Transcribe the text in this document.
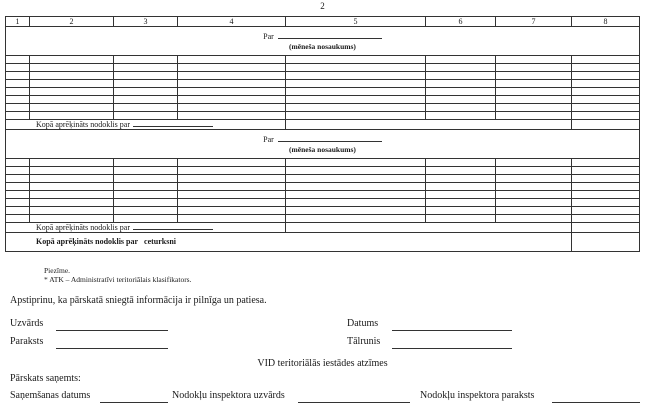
2
1	2	3	4	5	6	7	8

Par
(mēneša nosaukums)							

Kopā aprēķināts nodoklis par							

Par
(mēneša nosaukums)							

Kopā aprēķināts nodoklis par							
Kopā aprēķināts nodoklis par ceturksni							
Piezīme.
* ATK – Administratīvi teritoriālais klasifikators.
Apstiprinu, ka pārskatā sniegtā informācija ir pilnīga un patiesa.
Uzvārds	Datums
Paraksts	Tālrunis
VID teritoriālās iestādes atzīmes
Pārskats saņemts:
Saņemšanas datums	Nodokļu inspektora uzvārds	Nodokļu inspektora paraksts
